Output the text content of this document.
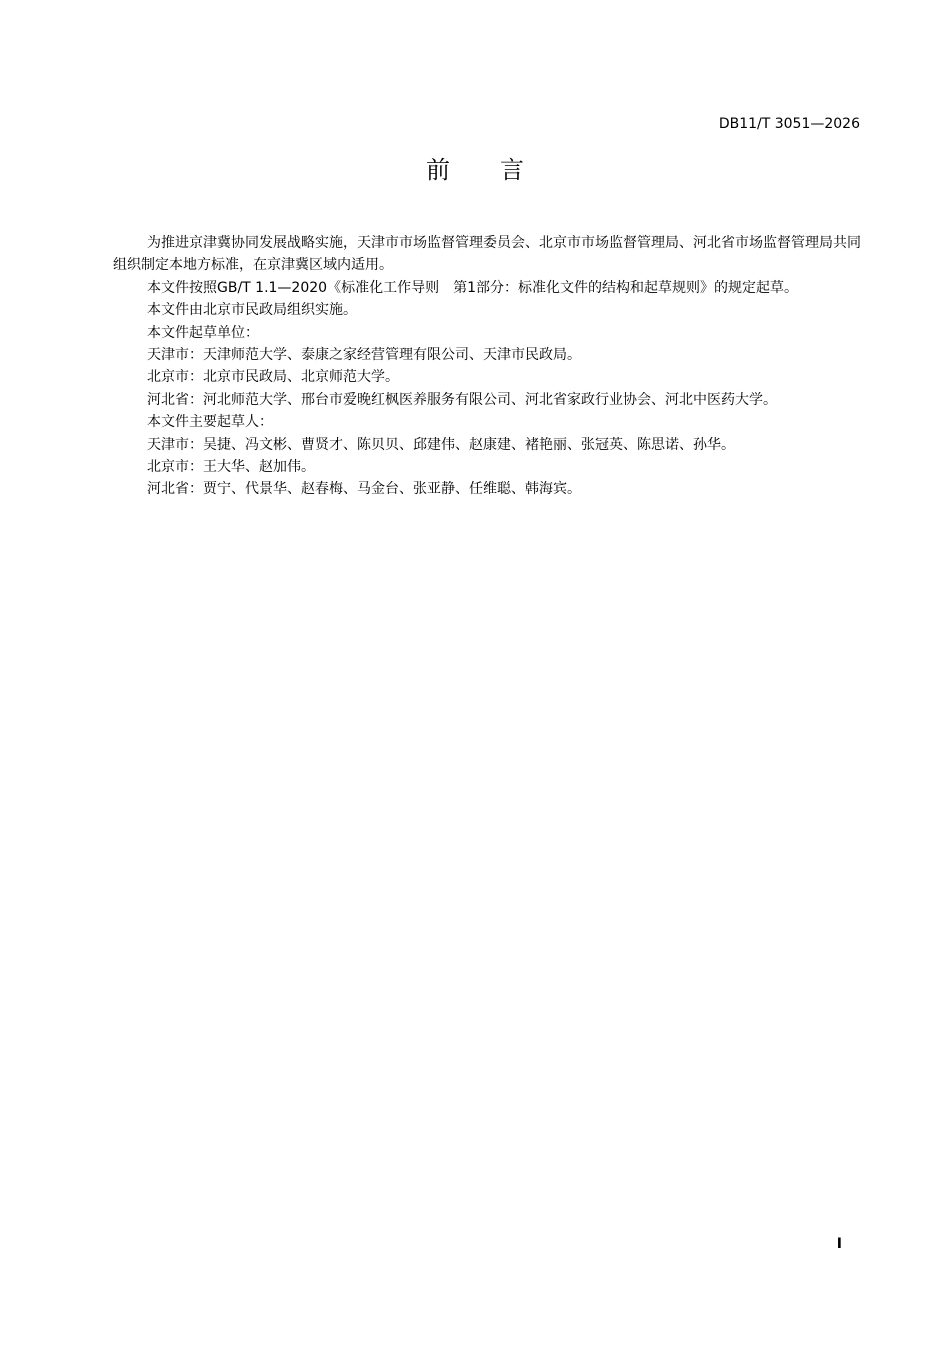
DB11/T 3051—2026
前言

为推进京津冀协同发展战略实施，天津市市场监督管理委员会、北京市市场监督管理局、河北省市场监督管理局共同组织制定本地方标准，在京津冀区域内适用。

本文件按照GB/T 1.1—2020《标准化工作导则　第1部分：标准化文件的结构和起草规则》的规定起草。

本文件由北京市民政局组织实施。

本文件起草单位：

天津市：天津师范大学、泰康之家经营管理有限公司、天津市民政局。

北京市：北京市民政局、北京师范大学。

河北省：河北师范大学、邢台市爱晚红枫医养服务有限公司、河北省家政行业协会、河北中医药大学。

本文件主要起草人：

天津市：吴捷、冯文彬、曹贤才、陈贝贝、邱建伟、赵康建、褚艳丽、张冠英、陈思诺、孙华。

北京市：王大华、赵加伟。

河北省：贾宁、代景华、赵春梅、马金台、张亚静、任维聪、韩海宾。

I
